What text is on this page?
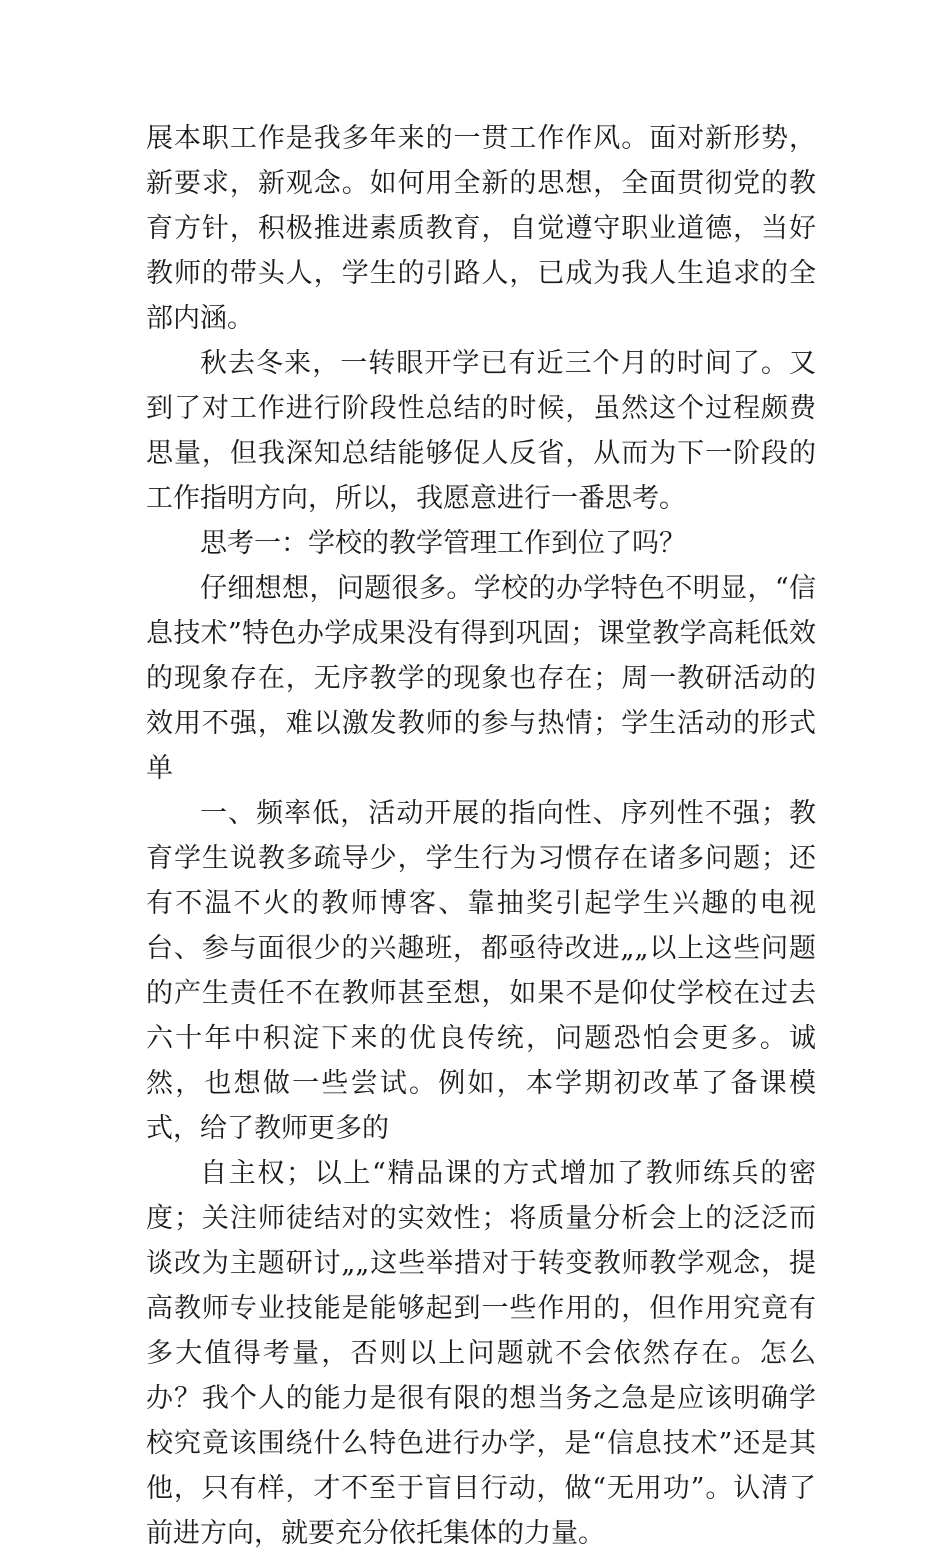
展本职工作是我多年来的一贯工作作风。面对新形势，新要求，新观念。如何用全新的思想，全面贯彻党的教育方针，积极推进素质教育，自觉遵守职业道德，当好教师的带头人，学生的引路人，已成为我人生追求的全部内涵。

秋去冬来，一转眼开学已有近三个月的时间了。又到了对工作进行阶段性总结的时候，虽然这个过程颇费思量，但我深知总结能够促人反省，从而为下一阶段的工作指明方向，所以，我愿意进行一番思考。

思考一：学校的教学管理工作到位了吗？

仔细想想，问题很多。学校的办学特色不明显，“信息技术”特色办学成果没有得到巩固；课堂教学高耗低效的现象存在，无序教学的现象也存在；周一教研活动的效用不强，难以激发教师的参与热情；学生活动的形式单

一、频率低，活动开展的指向性、序列性不强；教育学生说教多疏导少，学生行为习惯存在诸多问题；还有不温不火的教师博客、靠抽奖引起学生兴趣的电视台、参与面很少的兴趣班，都亟待改进„„以上这些问题的产生责任不在教师甚至想，如果不是仰仗学校在过去六十年中积淀下来的优良传统，问题恐怕会更多。诚然，也想做一些尝试。例如，本学期初改革了备课模式，给了教师更多的

自主权；以上“精品课的方式增加了教师练兵的密度；关注师徒结对的实效性；将质量分析会上的泛泛而谈改为主题研讨„„这些举措对于转变教师教学观念，提高教师专业技能是能够起到一些作用的，但作用究竟有多大值得考量，否则以上问题就不会依然存在。怎么办？我个人的能力是很有限的想当务之急是应该明确学校究竟该围绕什么特色进行办学，是“信息技术”还是其他，只有样，才不至于盲目行动，做“无用功”。认清了前进方向，就要充分依托集体的力量。
